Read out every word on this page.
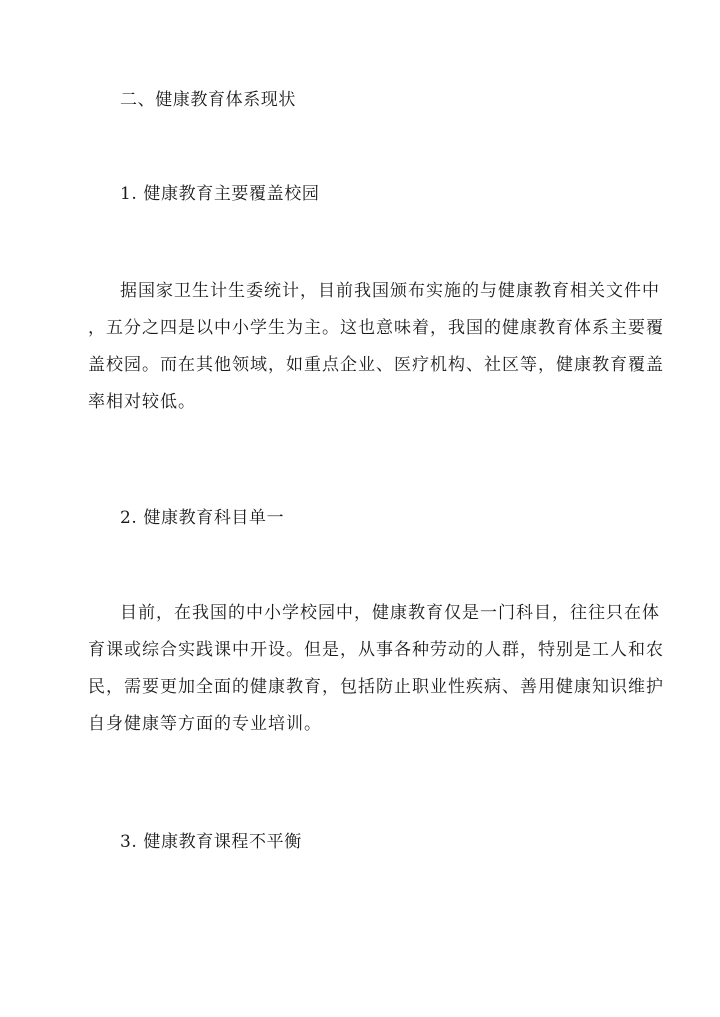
二、健康教育体系现状
1. 健康教育主要覆盖校园
据国家卫生计生委统计，目前我国颁布实施的与健康教育相关文件中
，五分之四是以中小学生为主。这也意味着，我国的健康教育体系主要覆
盖校园。而在其他领域，如重点企业、医疗机构、社区等，健康教育覆盖
率相对较低。
2. 健康教育科目单一
目前，在我国的中小学校园中，健康教育仅是一门科目，往往只在体
育课或综合实践课中开设。但是，从事各种劳动的人群，特别是工人和农
民，需要更加全面的健康教育，包括防止职业性疾病、善用健康知识维护
自身健康等方面的专业培训。
3. 健康教育课程不平衡
